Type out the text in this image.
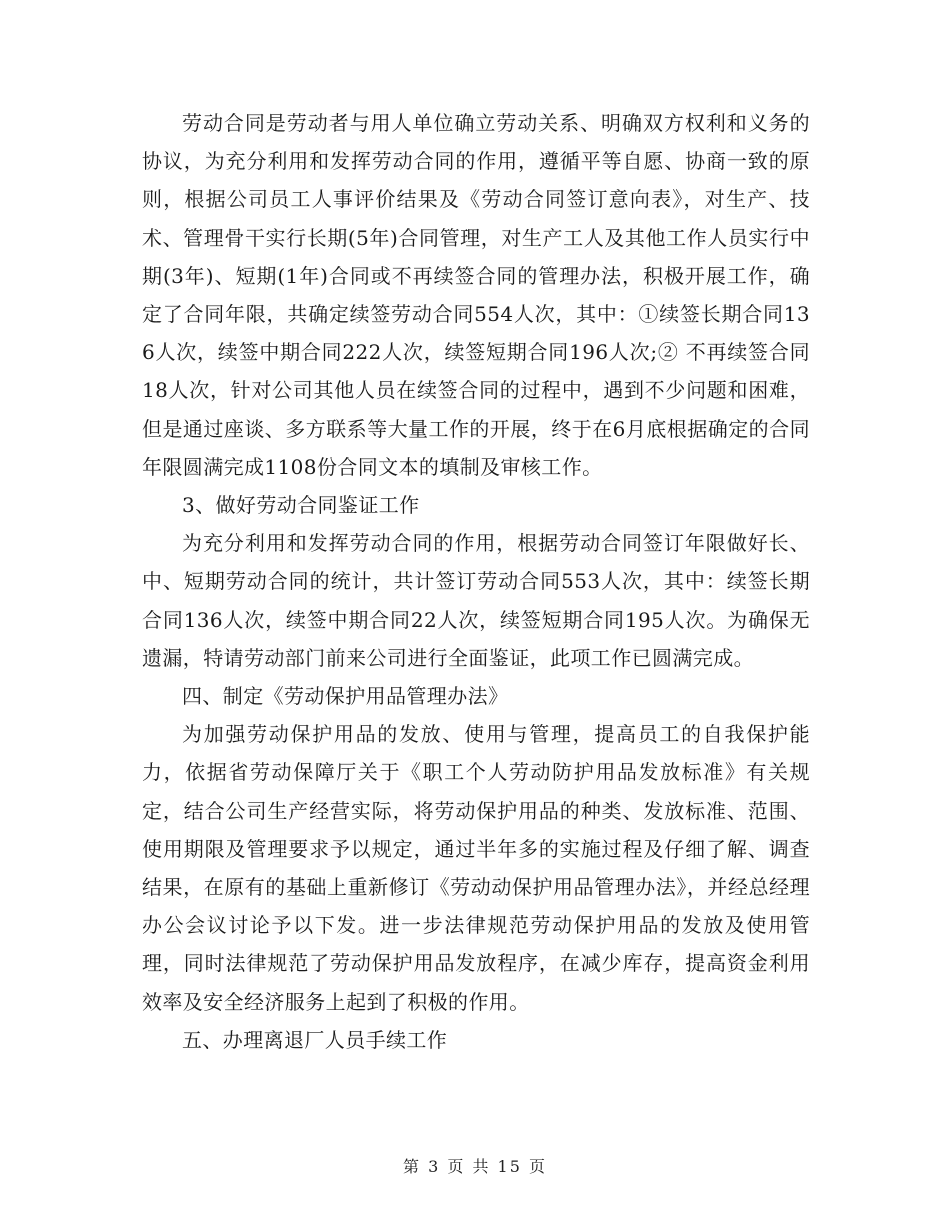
劳动合同是劳动者与用人单位确立劳动关系、明确双方权利和义务的协议，为充分利用和发挥劳动合同的作用，遵循平等自愿、协商一致的原则，根据公司员工人事评价结果及《劳动合同签订意向表》，对生产、技术、管理骨干实行长期(5年)合同管理，对生产工人及其他工作人员实行中期(3年)、短期(1年)合同或不再续签合同的管理办法，积极开展工作，确定了合同年限，共确定续签劳动合同554人次，其中：①续签长期合同136人次，续签中期合同222人次，续签短期合同196人次;② 不再续签合同18人次，针对公司其他人员在续签合同的过程中，遇到不少问题和困难，但是通过座谈、多方联系等大量工作的开展，终于在6月底根据确定的合同年限圆满完成1108份合同文本的填制及审核工作。

3、做好劳动合同鉴证工作

为充分利用和发挥劳动合同的作用，根据劳动合同签订年限做好长、中、短期劳动合同的统计，共计签订劳动合同553人次，其中：续签长期合同136人次，续签中期合同22人次，续签短期合同195人次。为确保无遗漏，特请劳动部门前来公司进行全面鉴证，此项工作已圆满完成。

四、制定《劳动保护用品管理办法》

为加强劳动保护用品的发放、使用与管理，提高员工的自我保护能力，依据省劳动保障厅关于《职工个人劳动防护用品发放标准》有关规定，结合公司生产经营实际，将劳动保护用品的种类、发放标准、范围、使用期限及管理要求予以规定，通过半年多的实施过程及仔细了解、调查结果，在原有的基础上重新修订《劳动动保护用品管理办法》，并经总经理办公会议讨论予以下发。进一步法律规范劳动保护用品的发放及使用管理，同时法律规范了劳动保护用品发放程序，在减少库存，提高资金利用效率及安全经济服务上起到了积极的作用。

五、办理离退厂人员手续工作

第 3 页 共 15 页
